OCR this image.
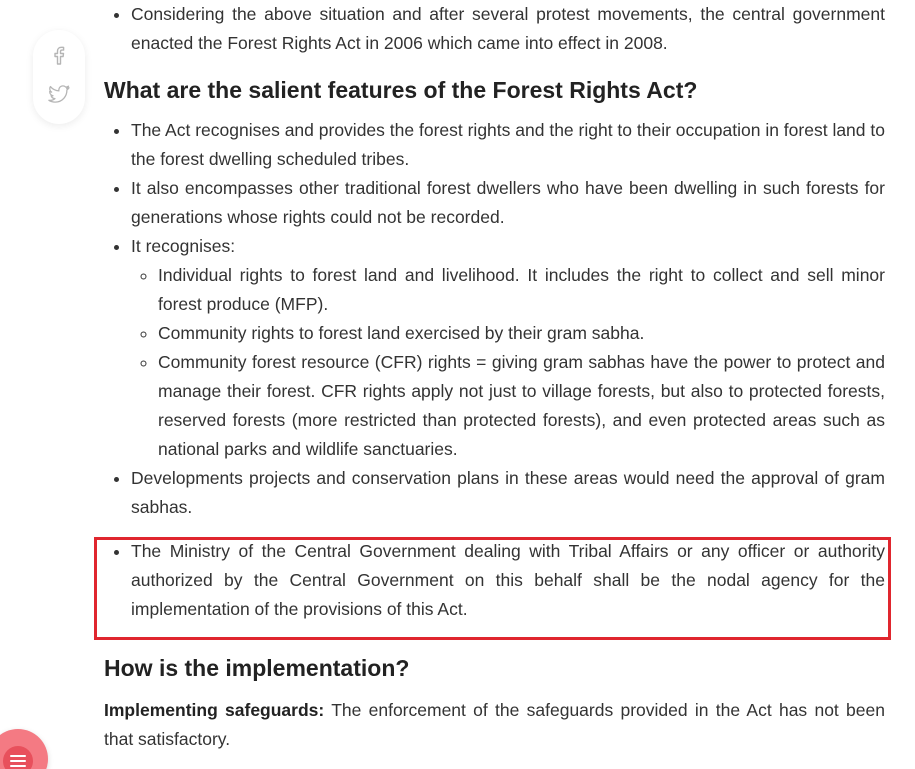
• Considering the above situation and after several protest movements, the central government enacted the Forest Rights Act in 2006 which came into effect in 2008.
What are the salient features of the Forest Rights Act?
• The Act recognises and provides the forest rights and the right to their occupation in forest land to the forest dwelling scheduled tribes.
• It also encompasses other traditional forest dwellers who have been dwelling in such forests for generations whose rights could not be recorded.
• It recognises:
◦ Individual rights to forest land and livelihood. It includes the right to collect and sell minor forest produce (MFP).
◦ Community rights to forest land exercised by their gram sabha.
◦ Community forest resource (CFR) rights = giving gram sabhas have the power to protect and manage their forest. CFR rights apply not just to village forests, but also to protected forests, reserved forests (more restricted than protected forests), and even protected areas such as national parks and wildlife sanctuaries.
• Developments projects and conservation plans in these areas would need the approval of gram sabhas.
• The Ministry of the Central Government dealing with Tribal Affairs or any officer or authority authorized by the Central Government on this behalf shall be the nodal agency for the implementation of the provisions of this Act.
How is the implementation?

Implementing safeguards: The enforcement of the safeguards provided in the Act has not been that satisfactory.
